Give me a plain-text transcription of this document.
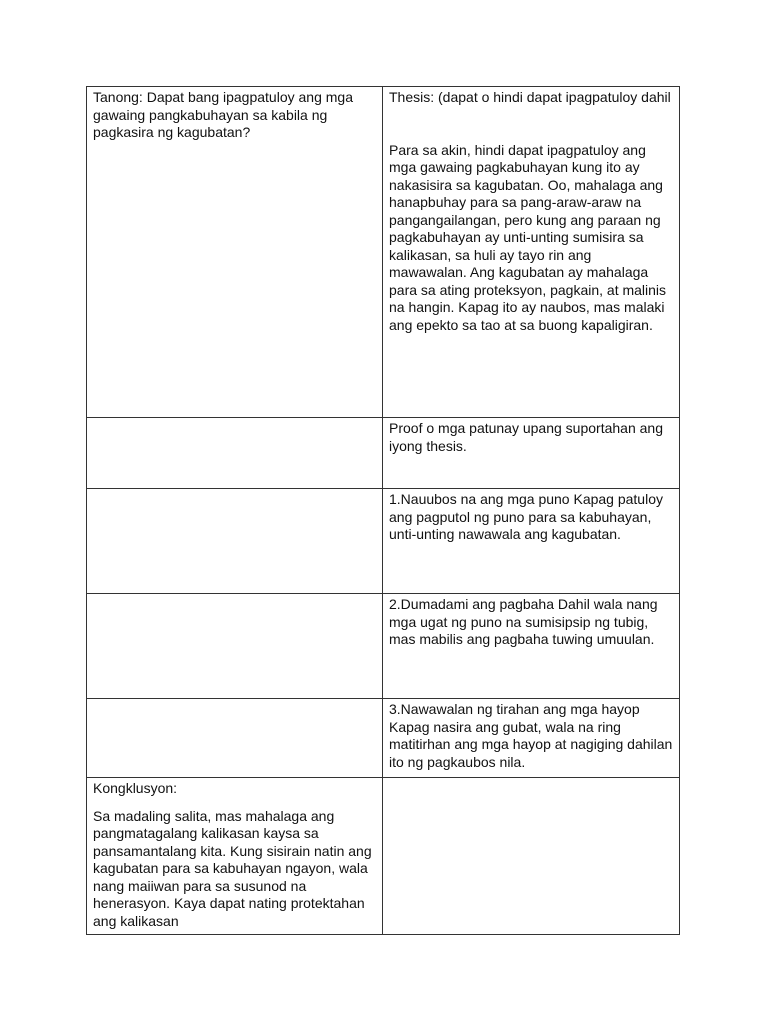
Tanong: Dapat bang ipagpatuloy ang mga gawaing pangkabuhayan sa kabila ng pagkasira ng kagubatan?	Thesis: (dapat o hindi dapat ipagpatuloy dahil

Para sa akin, hindi dapat ipagpatuloy ang mga gawaing pagkabuhayan kung ito ay nakasisira sa kagubatan. Oo, mahalaga ang hanapbuhay para sa pang-araw-araw na pangangailangan, pero kung ang paraan ng pagkabuhayan ay unti-unting sumisira sa kalikasan, sa huli ay tayo rin ang mawawalan. Ang kagubatan ay mahalaga para sa ating proteksyon, pagkain, at malinis na hangin. Kapag ito ay naubos, mas malaki ang epekto sa tao at sa buong kapaligiran.

	Proof o mga patunay upang suportahan ang iyong thesis.

	1.Nauubos na ang mga puno Kapag patuloy ang pagputol ng puno para sa kabuhayan, unti-unting nawawala ang kagubatan.

	2.Dumadami ang pagbaha Dahil wala nang mga ugat ng puno na sumisipsip ng tubig, mas mabilis ang pagbaha tuwing umuulan.

	3.Nawawalan ng tirahan ang mga hayop Kapag nasira ang gubat, wala na ring matitirhan ang mga hayop at nagiging dahilan ito ng pagkaubos nila.

Kongklusyon:

Sa madaling salita, mas mahalaga ang pangmatagalang kalikasan kaysa sa pansamantalang kita. Kung sisirain natin ang kagubatan para sa kabuhayan ngayon, wala nang maiiwan para sa susunod na henerasyon. Kaya dapat nating protektahan ang kalikasan	
